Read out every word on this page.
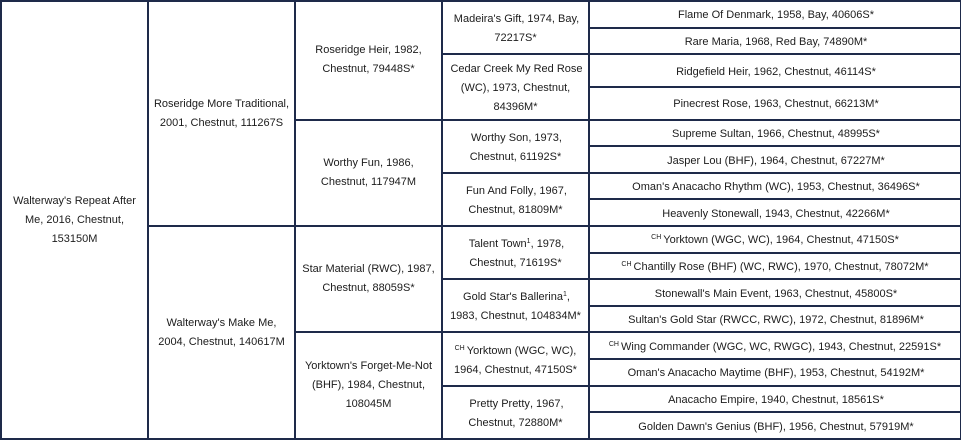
Walterway's Repeat After Me, 2016, Chestnut, 153150M	Roseridge More Traditional, 2001, Chestnut, 111267S	Roseridge Heir, 1982, Chestnut, 79448S*	Madeira's Gift, 1974, Bay, 72217S*	Flame Of Denmark, 1958, Bay, 40606S*
				Rare Maria, 1968, Red Bay, 74890M*
			Cedar Creek My Red Rose (WC), 1973, Chestnut, 84396M*	Ridgefield Heir, 1962, Chestnut, 46114S*
				Pinecrest Rose, 1963, Chestnut, 66213M*
		Worthy Fun, 1986, Chestnut, 117947M	Worthy Son, 1973, Chestnut, 61192S*	Supreme Sultan, 1966, Chestnut, 48995S*
				Jasper Lou (BHF), 1964, Chestnut, 67227M*
			Fun And Folly, 1967, Chestnut, 81809M*	Oman's Anacacho Rhythm (WC), 1953, Chestnut, 36496S*
				Heavenly Stonewall, 1943, Chestnut, 42266M*
	Walterway's Make Me, 2004, Chestnut, 140617M	Star Material (RWC), 1987, Chestnut, 88059S*	Talent Town$^1$, 1978, Chestnut, 71619S*	$^{CH}$ Yorktown (WGC, WC), 1964, Chestnut, 47150S*
				$^{CH}$ Chantilly Rose (BHF) (WC, RWC), 1970, Chestnut, 78072M*
			Gold Star's Ballerina$^1$, 1983, Chestnut, 104834M*	Stonewall's Main Event, 1963, Chestnut, 45800S*
				Sultan's Gold Star (RWCC, RWC), 1972, Chestnut, 81896M*
		Yorktown's Forget-Me-Not (BHF), 1984, Chestnut, 108045M	$^{CH}$ Yorktown (WGC, WC), 1964, Chestnut, 47150S*	$^{CH}$ Wing Commander (WGC, WC, RWGC), 1943, Chestnut, 22591S*
				Oman's Anacacho Maytime (BHF), 1953, Chestnut, 54192M*
			Pretty Pretty, 1967, Chestnut, 72880M*	Anacacho Empire, 1940, Chestnut, 18561S*
				Golden Dawn's Genius (BHF), 1956, Chestnut, 57919M*
